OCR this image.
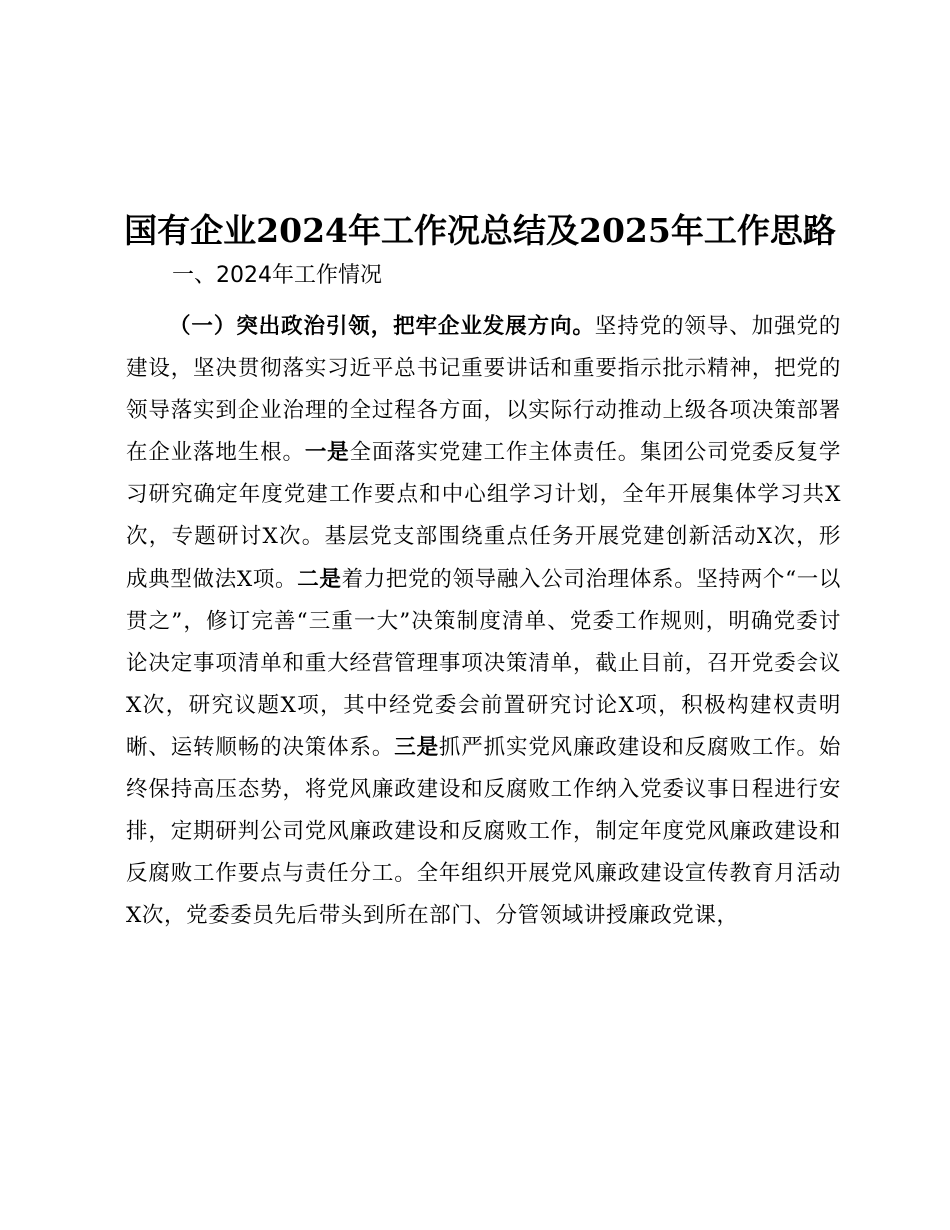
国有企业2024年工作况总结及2025年工作思路
一、2024年工作情况
（一）突出政治引领，把牢企业发展方向。坚持党的领导、加强党的建设，坚决贯彻落实习近平总书记重要讲话和重要指示批示精神，把党的领导落实到企业治理的全过程各方面，以实际行动推动上级各项决策部署在企业落地生根。一是全面落实党建工作主体责任。集团公司党委反复学习研究确定年度党建工作要点和中心组学习计划，全年开展集体学习共X次，专题研讨X次。基层党支部围绕重点任务开展党建创新活动X次，形成典型做法X项。二是着力把党的领导融入公司治理体系。坚持两个“一以贯之”，修订完善“三重一大”决策制度清单、党委工作规则，明确党委讨论决定事项清单和重大经营管理事项决策清单，截止目前，召开党委会议X次，研究议题X项，其中经党委会前置研究讨论X项，积极构建权责明晰、运转顺畅的决策体系。三是抓严抓实党风廉政建设和反腐败工作。始终保持高压态势，将党风廉政建设和反腐败工作纳入党委议事日程进行安排，定期研判公司党风廉政建设和反腐败工作，制定年度党风廉政建设和反腐败工作要点与责任分工。全年组织开展党风廉政建设宣传教育月活动X次，党委委员先后带头到所在部门、分管领域讲授廉政党课，
